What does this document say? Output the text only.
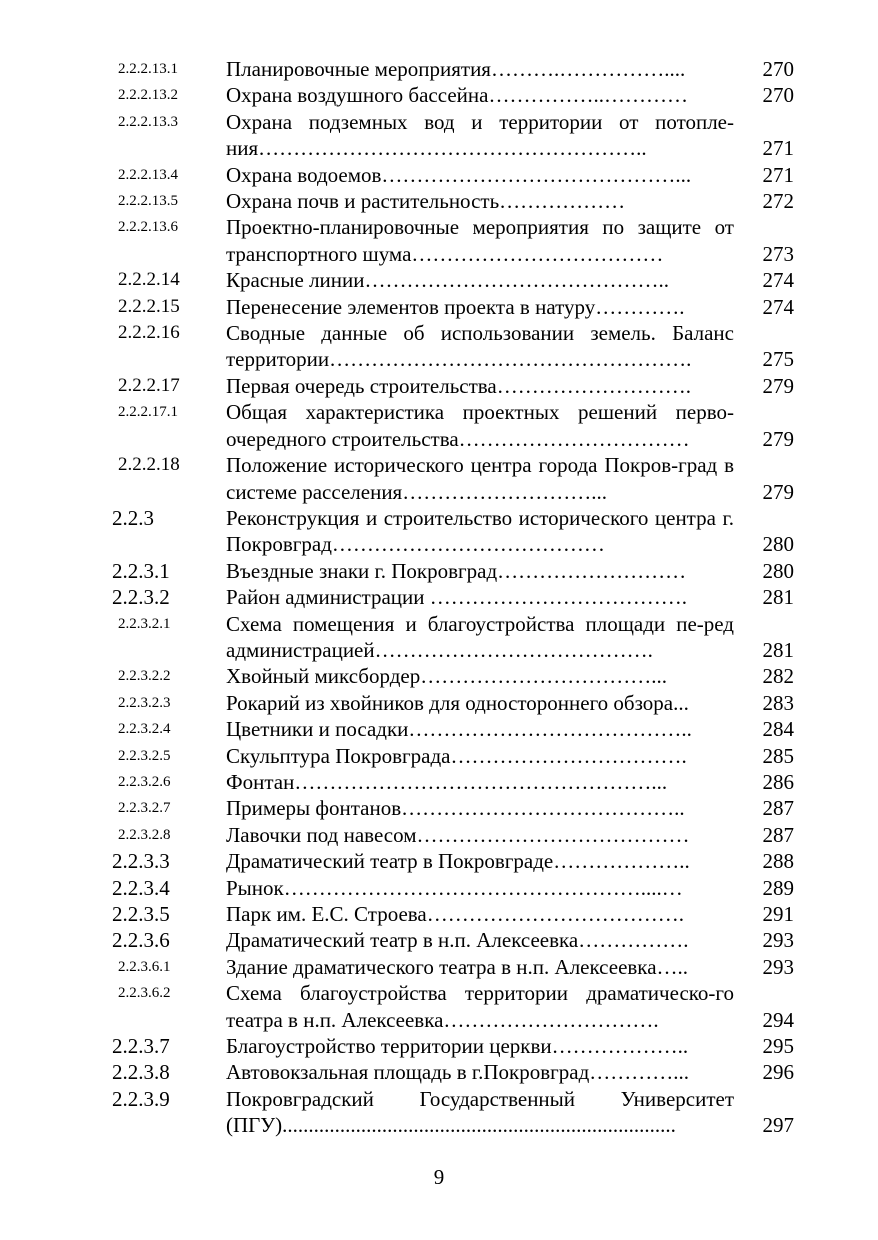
2.2.2.13.1	Планировочные мероприятия……….……………....	270
2.2.2.13.2	Охрана воздушного бассейна……………..…………	270
2.2.2.13.3	Охрана подземных вод и территории от потопле-ния………………………………………………..	271
2.2.2.13.4	Охрана водоемов……………………………………...	271
2.2.2.13.5	Охрана почв и растительность………………	272
2.2.2.13.6	Проектно-планировочные мероприятия по защите от транспортного шума………………………………	273
2.2.2.14	Красные линии……………………………………..	274
2.2.2.15	Перенесение элементов проекта в натуру………….	274
2.2.2.16	Сводные данные об использовании земель. Баланс территории…………………………………………….	275
2.2.2.17	Первая очередь строительства……………………….	279
2.2.2.17.1	Общая характеристика проектных решений перво-очередного строительства……………………………	279
2.2.2.18	Положение исторического центра города Покров-град в системе расселения………………………...	279
2.2.3	Реконструкция и строительство исторического центра г. Покровград…………………………………	280
2.2.3.1	Въездные знаки г. Покровград………………………	280
2.2.3.2	Район администрации ……………………………….	281
2.2.3.2.1	Схема помещения и благоустройства площади пе-ред администрацией………………………………….	281
2.2.3.2.2	Хвойный миксбордер……………………………...	282
2.2.3.2.3	Рокарий из хвойников для одностороннего обзора...	283
2.2.3.2.4	Цветники и посадки…………………………………..	284
2.2.3.2.5	Скульптура Покровграда…………………………….	285
2.2.3.2.6	Фонтан……………………………………………...	286
2.2.3.2.7	Примеры фонтанов…………………………………..	287
2.2.3.2.8	Лавочки под навесом…………………………………	287
2.2.3.3	Драматический театр в Покровграде………………..	288
2.2.3.4	Рынок……………………………………………....…	289
2.2.3.5	Парк им. Е.С. Строева……………………………….	291
2.2.3.6	Драматический театр в н.п. Алексеевка…………….	293
2.2.3.6.1	Здание драматического театра в н.п. Алексеевка…..	293
2.2.3.6.2	Схема благоустройства территории драматическо-го театра в н.п. Алексеевка………………………….	294
2.2.3.7	Благоустройство территории церкви………………..	295
2.2.3.8	Автовокзальная площадь в г.Покровград…………...	296
2.2.3.9	Покровградский Государственный Университет (ПГУ)...........................................................................	297
9
